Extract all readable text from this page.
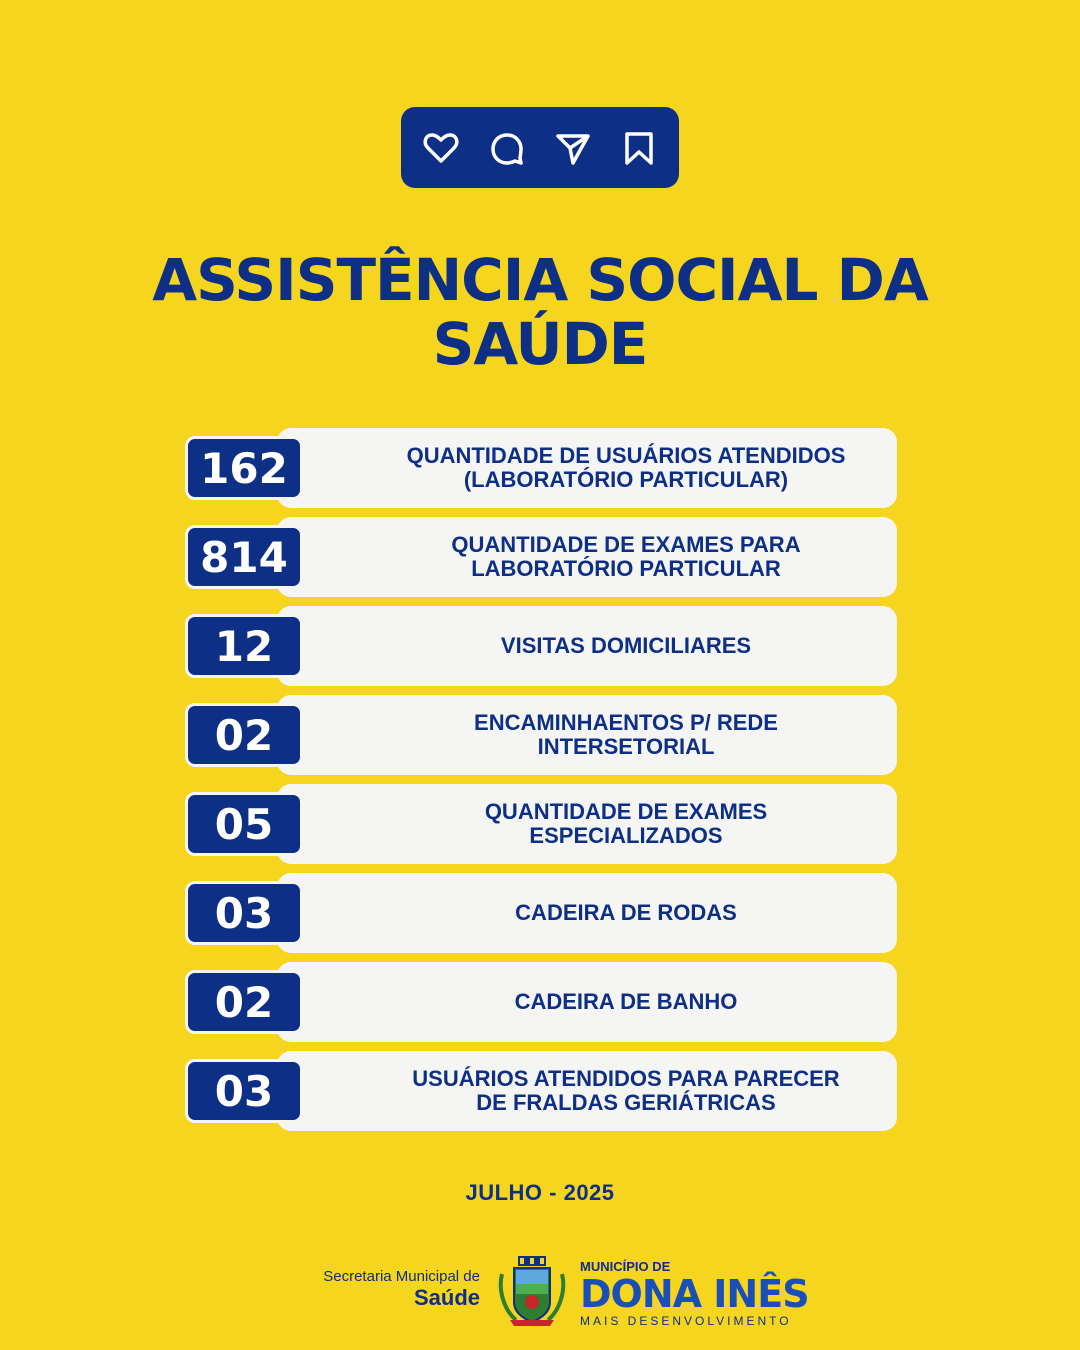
ASSISTÊNCIA SOCIAL DA
SAÚDE
QUANTIDADE DE USUÁRIOS ATENDIDOS (LABORATÓRIO PARTICULAR)
162
QUANTIDADE DE EXAMES PARA LABORATÓRIO PARTICULAR
814
VISITAS DOMICILIARES
12
ENCAMINHAENTOS P/ REDE INTERSETORIAL
02
QUANTIDADE DE EXAMES ESPECIALIZADOS
05
CADEIRA DE RODAS
03
CADEIRA DE BANHO
02
USUÁRIOS ATENDIDOS PARA PARECER DE FRALDAS GERIÁTRICAS
03
JULHO - 2025
Secretaria Municipal de
Saúde
MUNICÍPIO DE
DONA INÊS
MAIS DESENVOLVIMENTO
